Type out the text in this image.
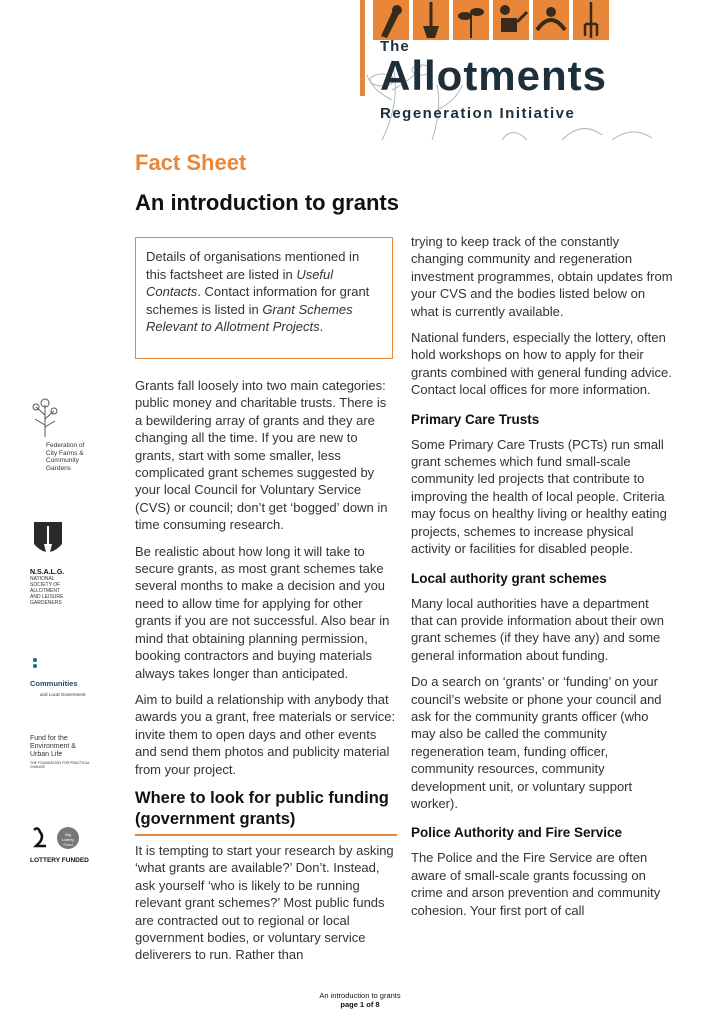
The
Allotments
Regeneration Initiative
Fact Sheet
An introduction to grants
Details of organisations mentioned in this factsheet are listed in Useful Contacts. Contact information for grant schemes is listed in Grant Schemes Relevant to Allotment Projects.

Grants fall loosely into two main categories: public money and charitable trusts. There is a bewildering array of grants and they are changing all the time. If you are new to grants, start with some smaller, less complicated grant schemes suggested by your local Council for Voluntary Service (CVS) or council; don’t get ‘bogged’ down in time consuming research.

Be realistic about how long it will take to secure grants, as most grant schemes take several months to make a decision and you need to allow time for applying for other grants if you are not successful. Also bear in mind that obtaining planning permission, booking contractors and buying materials always takes longer than anticipated.

Aim to build a relationship with anybody that awards you a grant, free materials or service: invite them to open days and other events and send them photos and publicity material from your project.

Where to look for public funding (government grants)

It is tempting to start your research by asking ‘what grants are available?’ Don’t. Instead, ask yourself ‘who is likely to be running relevant grant schemes?’ Most public funds are contracted out to regional or local government bodies, or voluntary service deliverers to run. Rather than

trying to keep track of the constantly changing community and regeneration investment programmes, obtain updates from your CVS and the bodies listed below on what is currently available.

National funders, especially the lottery, often hold workshops on how to apply for their grants combined with general funding advice. Contact local offices for more information.

Primary Care Trusts

Some Primary Care Trusts (PCTs) run small grant schemes which fund small-scale community led projects that contribute to improving the health of local people. Criteria may focus on healthy living or healthy eating projects, schemes to increase physical activity or facilities for disabled people.

Local authority grant schemes

Many local authorities have a department that can provide information about their own grant schemes (if they have any) and some general information about funding.

Do a search on ‘grants’ or ‘funding’ on your council’s website or phone your council and ask for the community grants officer (who may also be called the community regeneration team, funding officer, community resources, community development unit, or voluntary support worker).

Police Authority and Fire Service

The Police and the Fire Service are often aware of small-scale grants focussing on crime and arson prevention and community cohesion. Your first port of call

Federation of City Farms & Community Gardens
N.S.A.L.G.
NATIONAL SOCIETY OF ALLOTMENT AND LEISURE GARDENERS
Communities
and Local Government
Fund for the Environment & Urban Life
THE FOUNDATION FOR PRACTICAL CHANGE
Big Lottery Fund
LOTTERY FUNDED
An introduction to grants
page 1 of 8
